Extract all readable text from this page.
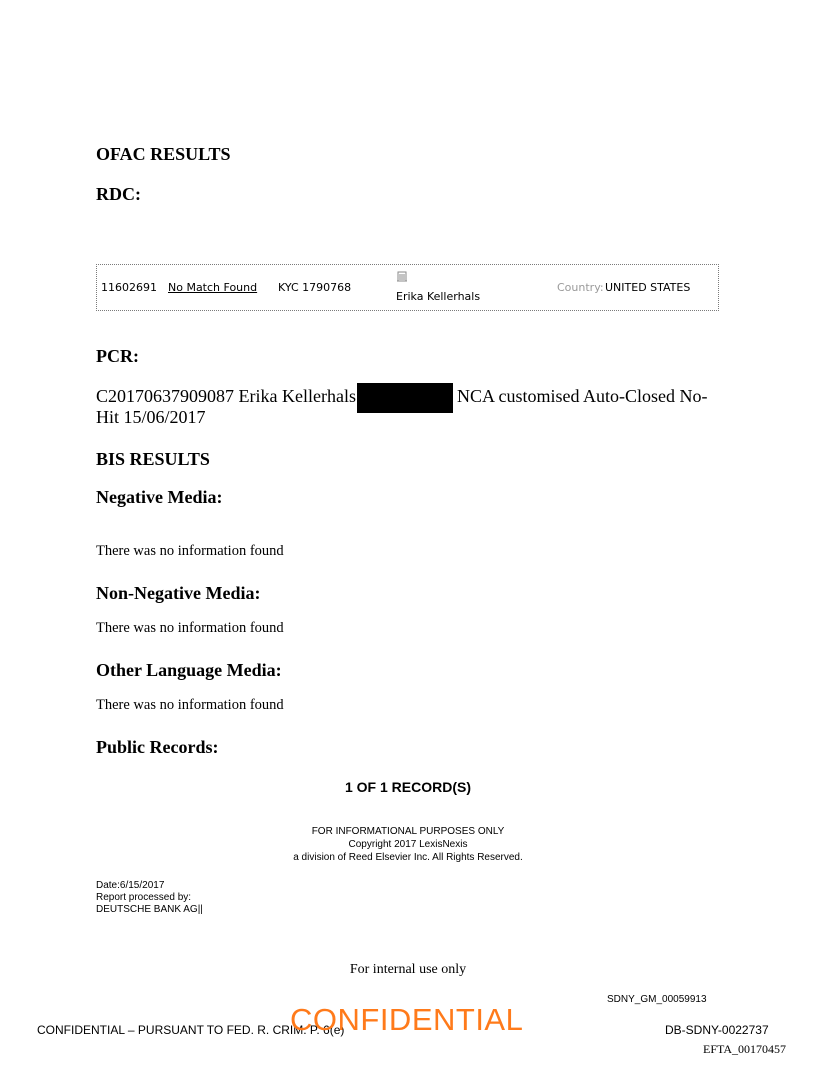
OFAC RESULTS
RDC:
11602691 No Match Found KYC 1790768
Erika Kellerhals
Country: UNITED STATES
PCR:
C20170637909087 Erika Kellerhals	NCA customised Auto-Closed No-
Hit 15/06/2017
BIS RESULTS
Negative Media:
There was no information found
Non-Negative Media:
There was no information found
Other Language Media:
There was no information found
Public Records:
1 OF 1 RECORD(S)
FOR INFORMATIONAL PURPOSES ONLY
Copyright 2017 LexisNexis
a division of Reed Elsevier Inc. All Rights Reserved.
Date:6/15/2017
Report processed by:
DEUTSCHE BANK AG||
For internal use only
SDNY_GM_00059913
CONFIDENTIAL – PURSUANT TO FED. R. CRIM. P. 6(e)
CONFIDENTIAL	DB-SDNY-0022737
EFTA_00170457
